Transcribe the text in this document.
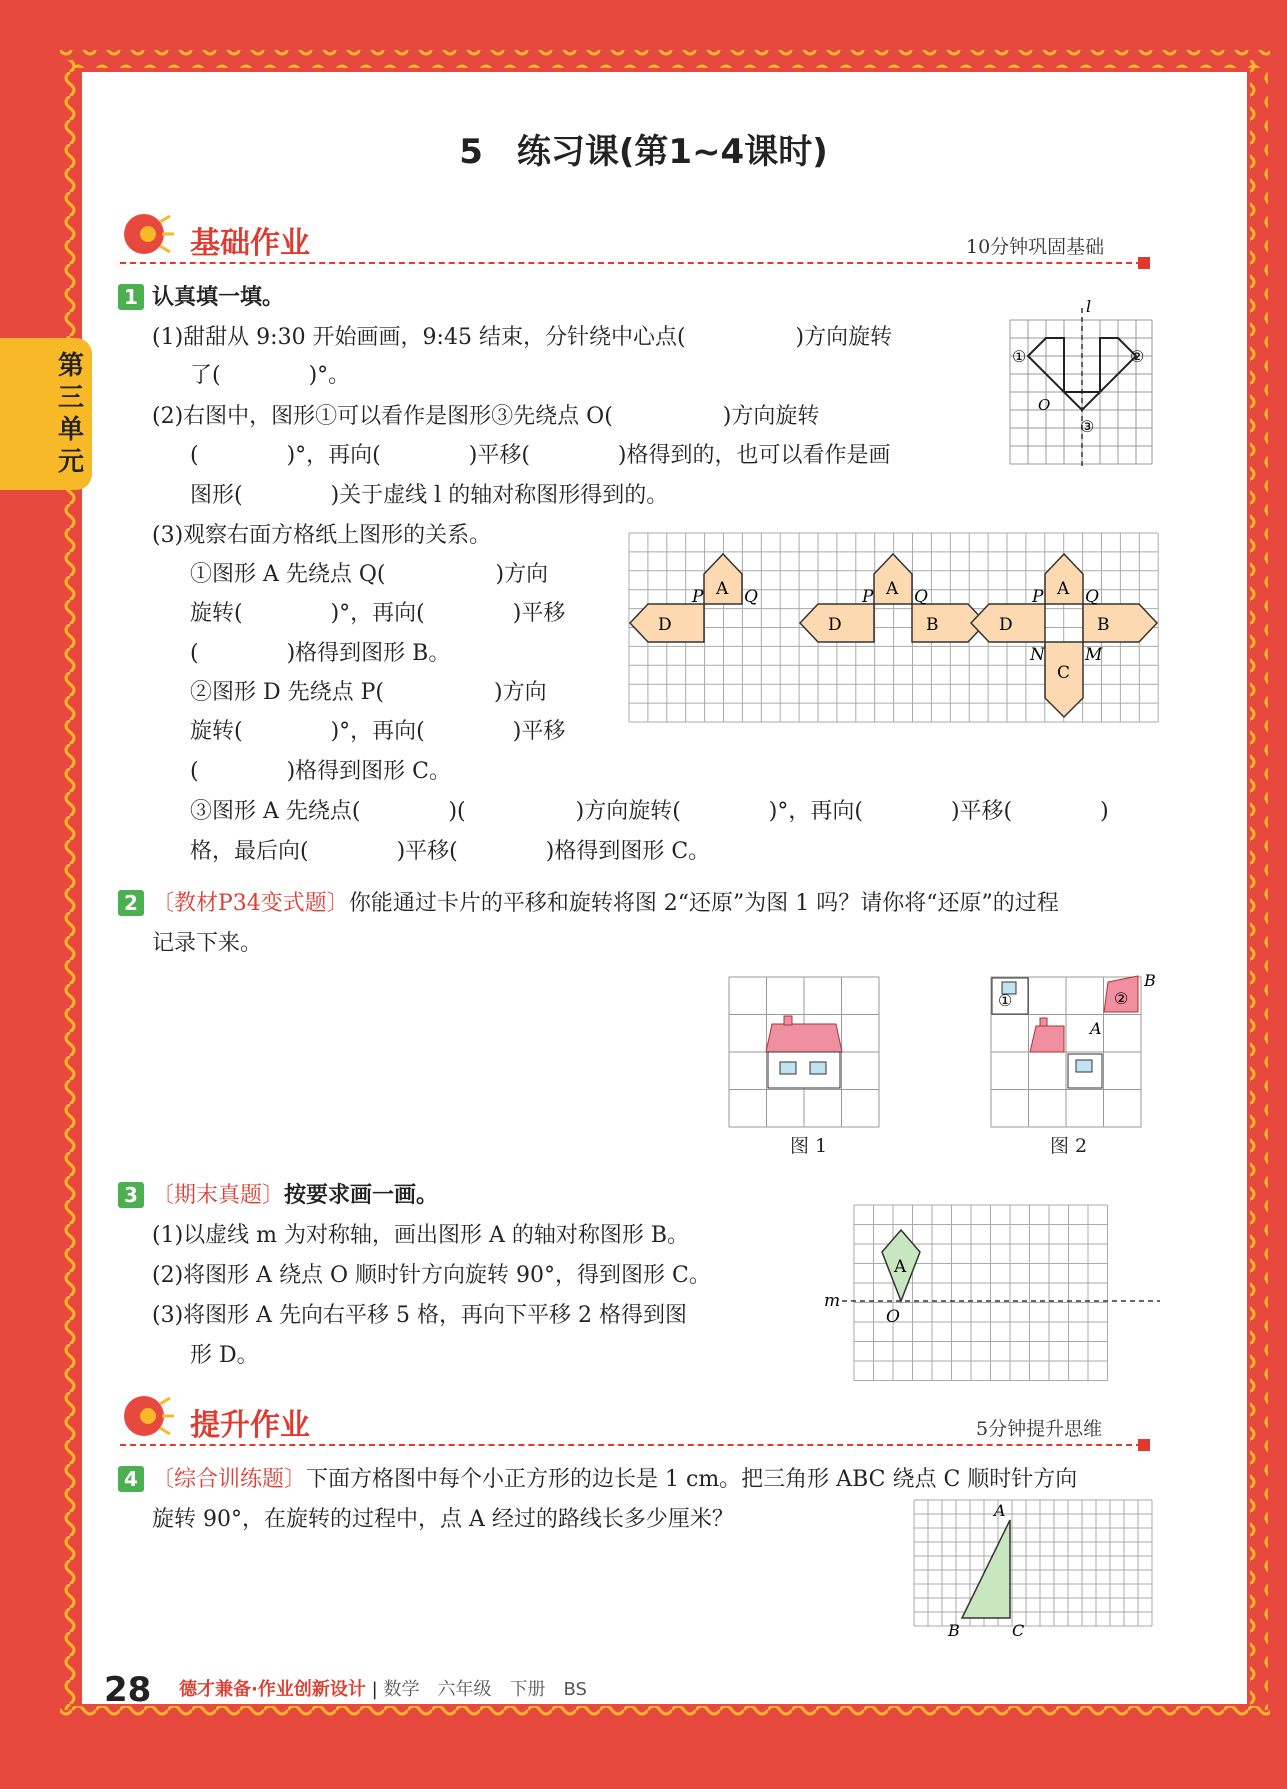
第三单元
5　练习课(第1~4课时)
基础作业	10分钟巩固基础
1 认真填一填。
(1)甜甜从 9:30 开始画画，9:45 结束，分针绕中心点(　　　　　)方向旋转
了(　　　　)°。
(2)右图中，图形①可以看作是图形③先绕点 O(　　　　　)方向旋转
(　　　　)°，再向(　　　　)平移(　　　　)格得到的，也可以看作是画
图形(　　　　)关于虚线 l 的轴对称图形得到的。
(3)观察右面方格纸上图形的关系。
①图形 A 先绕点 Q(　　　　　)方向
旋转(　　　　)°，再向(　　　　)平移
(　　　　)格得到图形 B。
②图形 D 先绕点 P(　　　　　)方向
旋转(　　　　)°，再向(　　　　)平移
(　　　　)格得到图形 C。
③图形 A 先绕点(　　　　)(　　　　　)方向旋转(　　　　)°，再向(　　　　)平移(　　　　)
格，最后向(　　　　)平移(　　　　)格得到图形 C。
l
①	②
③
O
A
D
P Q	A
D	B
P Q	A
D	B
C
P Q
N M
2 〔教材P34变式题〕你能通过卡片的平移和旋转将图 2“还原”为图 1 吗？请你将“还原”的过程
记录下来。
图 1
①	②
A
B
图 2
3 〔期末真题〕按要求画一画。
(1)以虚线 m 为对称轴，画出图形 A 的轴对称图形 B。
(2)将图形 A 绕点 O 顺时针方向旋转 90°，得到图形 C。
(3)将图形 A 先向右平移 5 格，再向下平移 2 格得到图
形 D。
A
m
O
提升作业	5分钟提升思维
4 〔综合训练题〕下面方格图中每个小正方形的边长是 1 cm。把三角形 ABC 绕点 C 顺时针方向
旋转 90°，在旋转的过程中，点 A 经过的路线长多少厘米？	A
B	C
28 德才兼备·作业创新设计 | 数学　六年级　下册　BS
